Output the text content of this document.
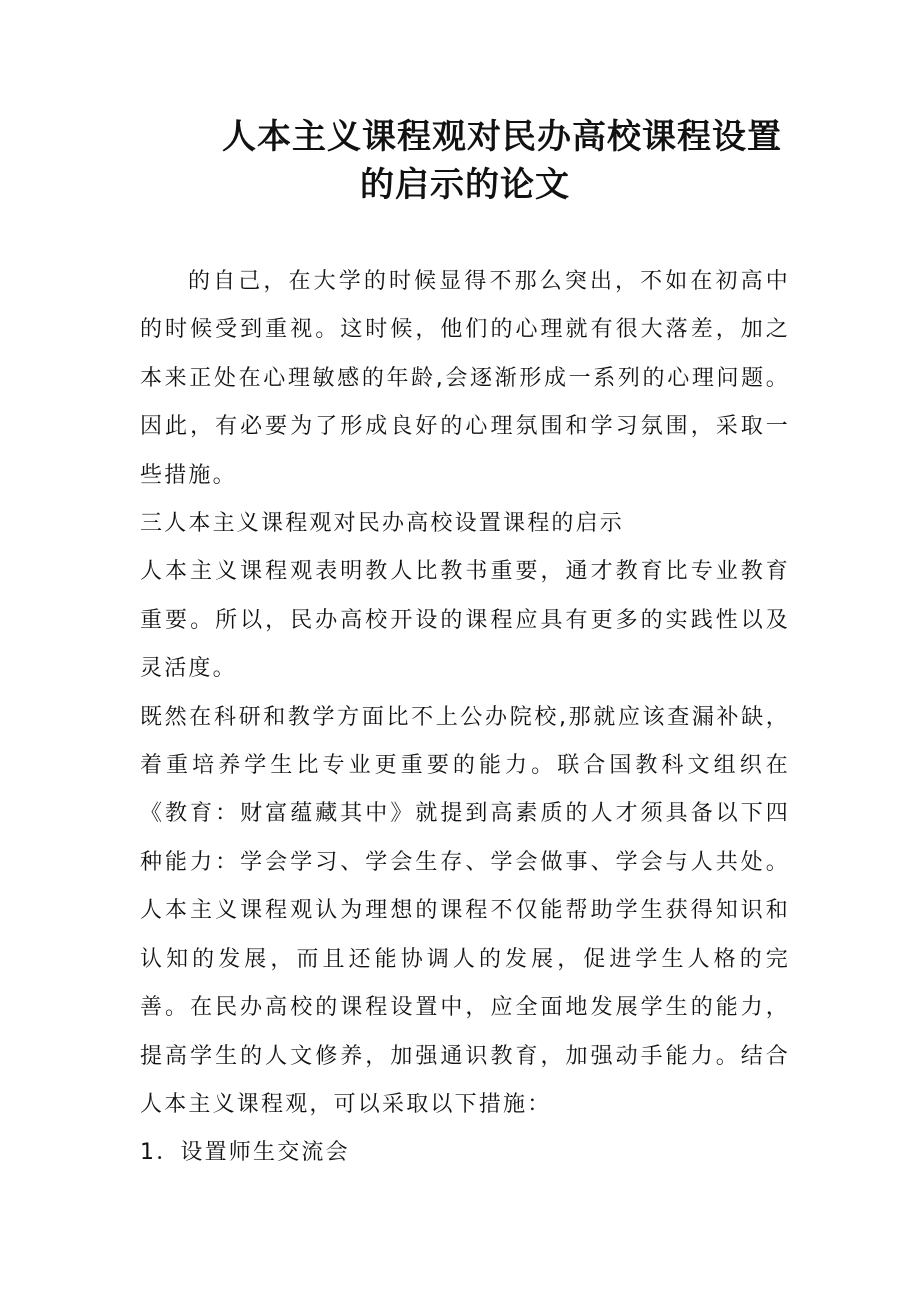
人本主义课程观对民办高校课程设置
的启示的论文

的自己，在大学的时候显得不那么突出，不如在初高中的时候受到重视。这时候，他们的心理就有很大落差，加之本来正处在心理敏感的年龄,会逐渐形成一系列的心理问题。因此，有必要为了形成良好的心理氛围和学习氛围，采取一些措施。

三人本主义课程观对民办高校设置课程的启示

人本主义课程观表明教人比教书重要，通才教育比专业教育重要。所以，民办高校开设的课程应具有更多的实践性以及灵活度。

既然在科研和教学方面比不上公办院校,那就应该查漏补缺，着重培养学生比专业更重要的能力。联合国教科文组织在《教育：财富蕴藏其中》就提到高素质的人才须具备以下四种能力：学会学习、学会生存、学会做事、学会与人共处。人本主义课程观认为理想的课程不仅能帮助学生获得知识和认知的发展，而且还能协调人的发展，促进学生人格的完善。在民办高校的课程设置中，应全面地发展学生的能力，提高学生的人文修养，加强通识教育，加强动手能力。结合人本主义课程观，可以采取以下措施：

1．设置师生交流会
